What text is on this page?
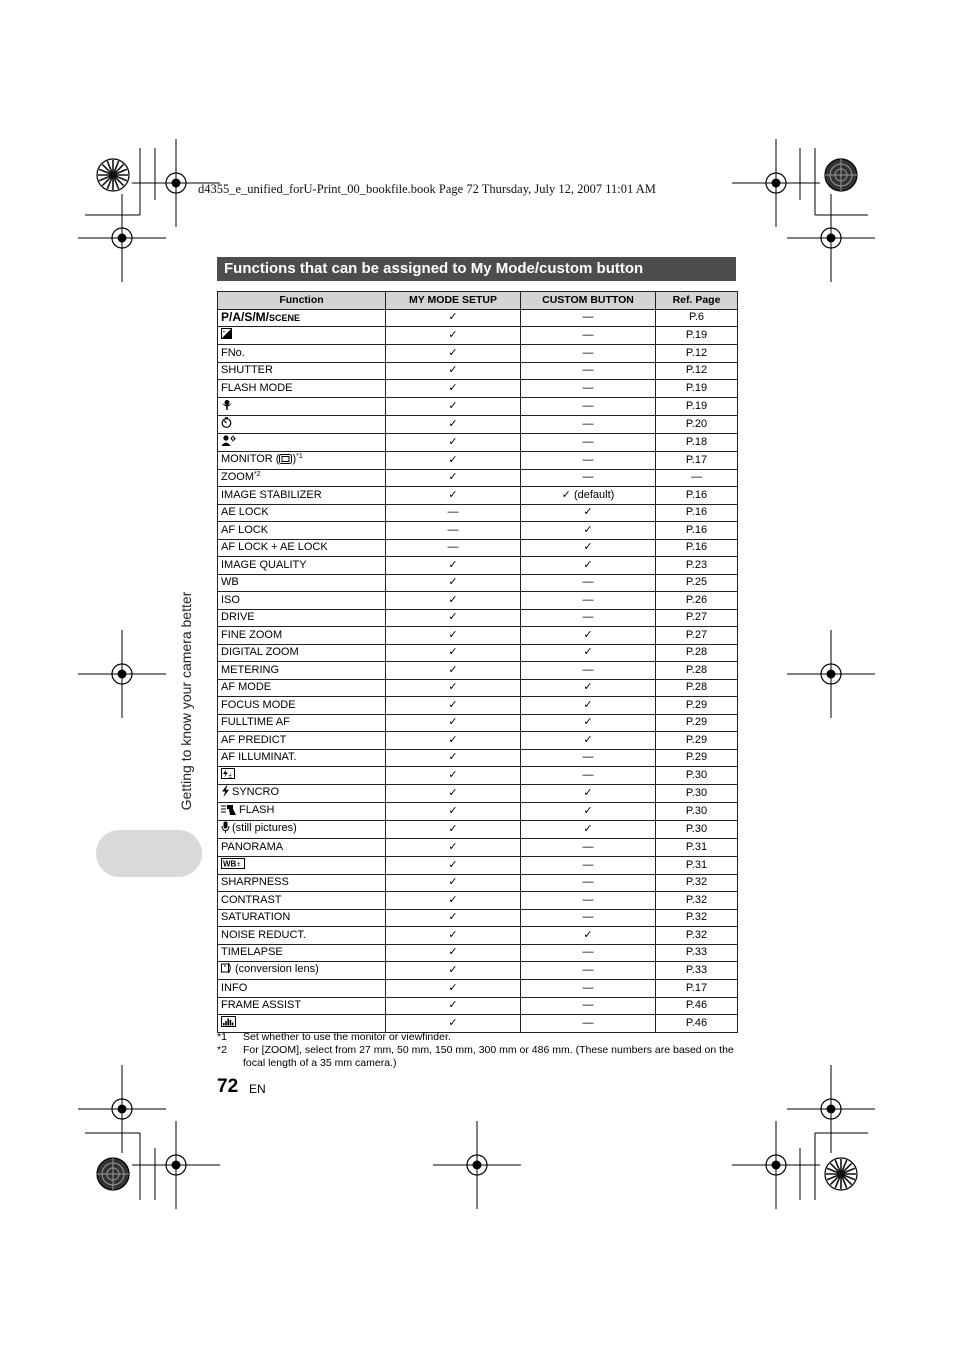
d4355_e_unified_forU-Print_00_bookfile.book Page 72 Thursday, July 12, 2007 11:01 AM
Getting to know your camera better
Functions that can be assigned to My Mode/custom button
Function	MY MODE SETUP	CUSTOM BUTTON	Ref. Page
P/A/S/M/SCENE	✓	—	P.6

+	✓	—	P.19
FNo.	✓	—	P.12
SHUTTER	✓	—	P.12
FLASH MODE	✓	—	P.19
	✓	—	P.19
	✓	—	P.20
	✓	—	P.18
MONITOR ( )$^{*1}$	✓	—	P.17
ZOOM$^{*2}$	✓	—	—
IMAGE STABILIZER	✓	✓ (default)	P.16
AE LOCK	—	✓	P.16
AF LOCK	—	✓	P.16
AF LOCK + AE LOCK	—	✓	P.16
IMAGE QUALITY	✓	✓	P.23
WB	✓	—	P.25
ISO	✓	—	P.26
DRIVE	✓	—	P.27
FINE ZOOM	✓	✓	P.27
DIGITAL ZOOM	✓	✓	P.28
METERING	✓	—	P.28
AF MODE	✓	✓	P.28
FOCUS MODE	✓	✓	P.29
FULLTIME AF	✓	✓	P.29
AF PREDICT	✓	✓	P.29
AF ILLUMINAT.	✓	—	P.29

±	✓	—	P.30
SYNCRO	✓	✓	P.30
FLASH	✓	✓	P.30
(still pictures)	✓	✓	P.30
PANORAMA	✓	—	P.31

WB ±	✓	—	P.31
SHARPNESS	✓	—	P.32
CONTRAST	✓	—	P.32
SATURATION	✓	—	P.32
NOISE REDUCT.	✓	✓	P.32
TIMELAPSE	✓	—	P.33
(conversion lens)	✓	—	P.33
INFO	✓	—	P.17
FRAME ASSIST	✓	—	P.46
	✓	—	P.46
*1 Set whether to use the monitor or viewfinder.
*2 For [ZOOM], select from 27 mm, 50 mm, 150 mm, 300 mm or 486 mm. (These numbers are based on the focal length of a 35 mm camera.)
72 EN
